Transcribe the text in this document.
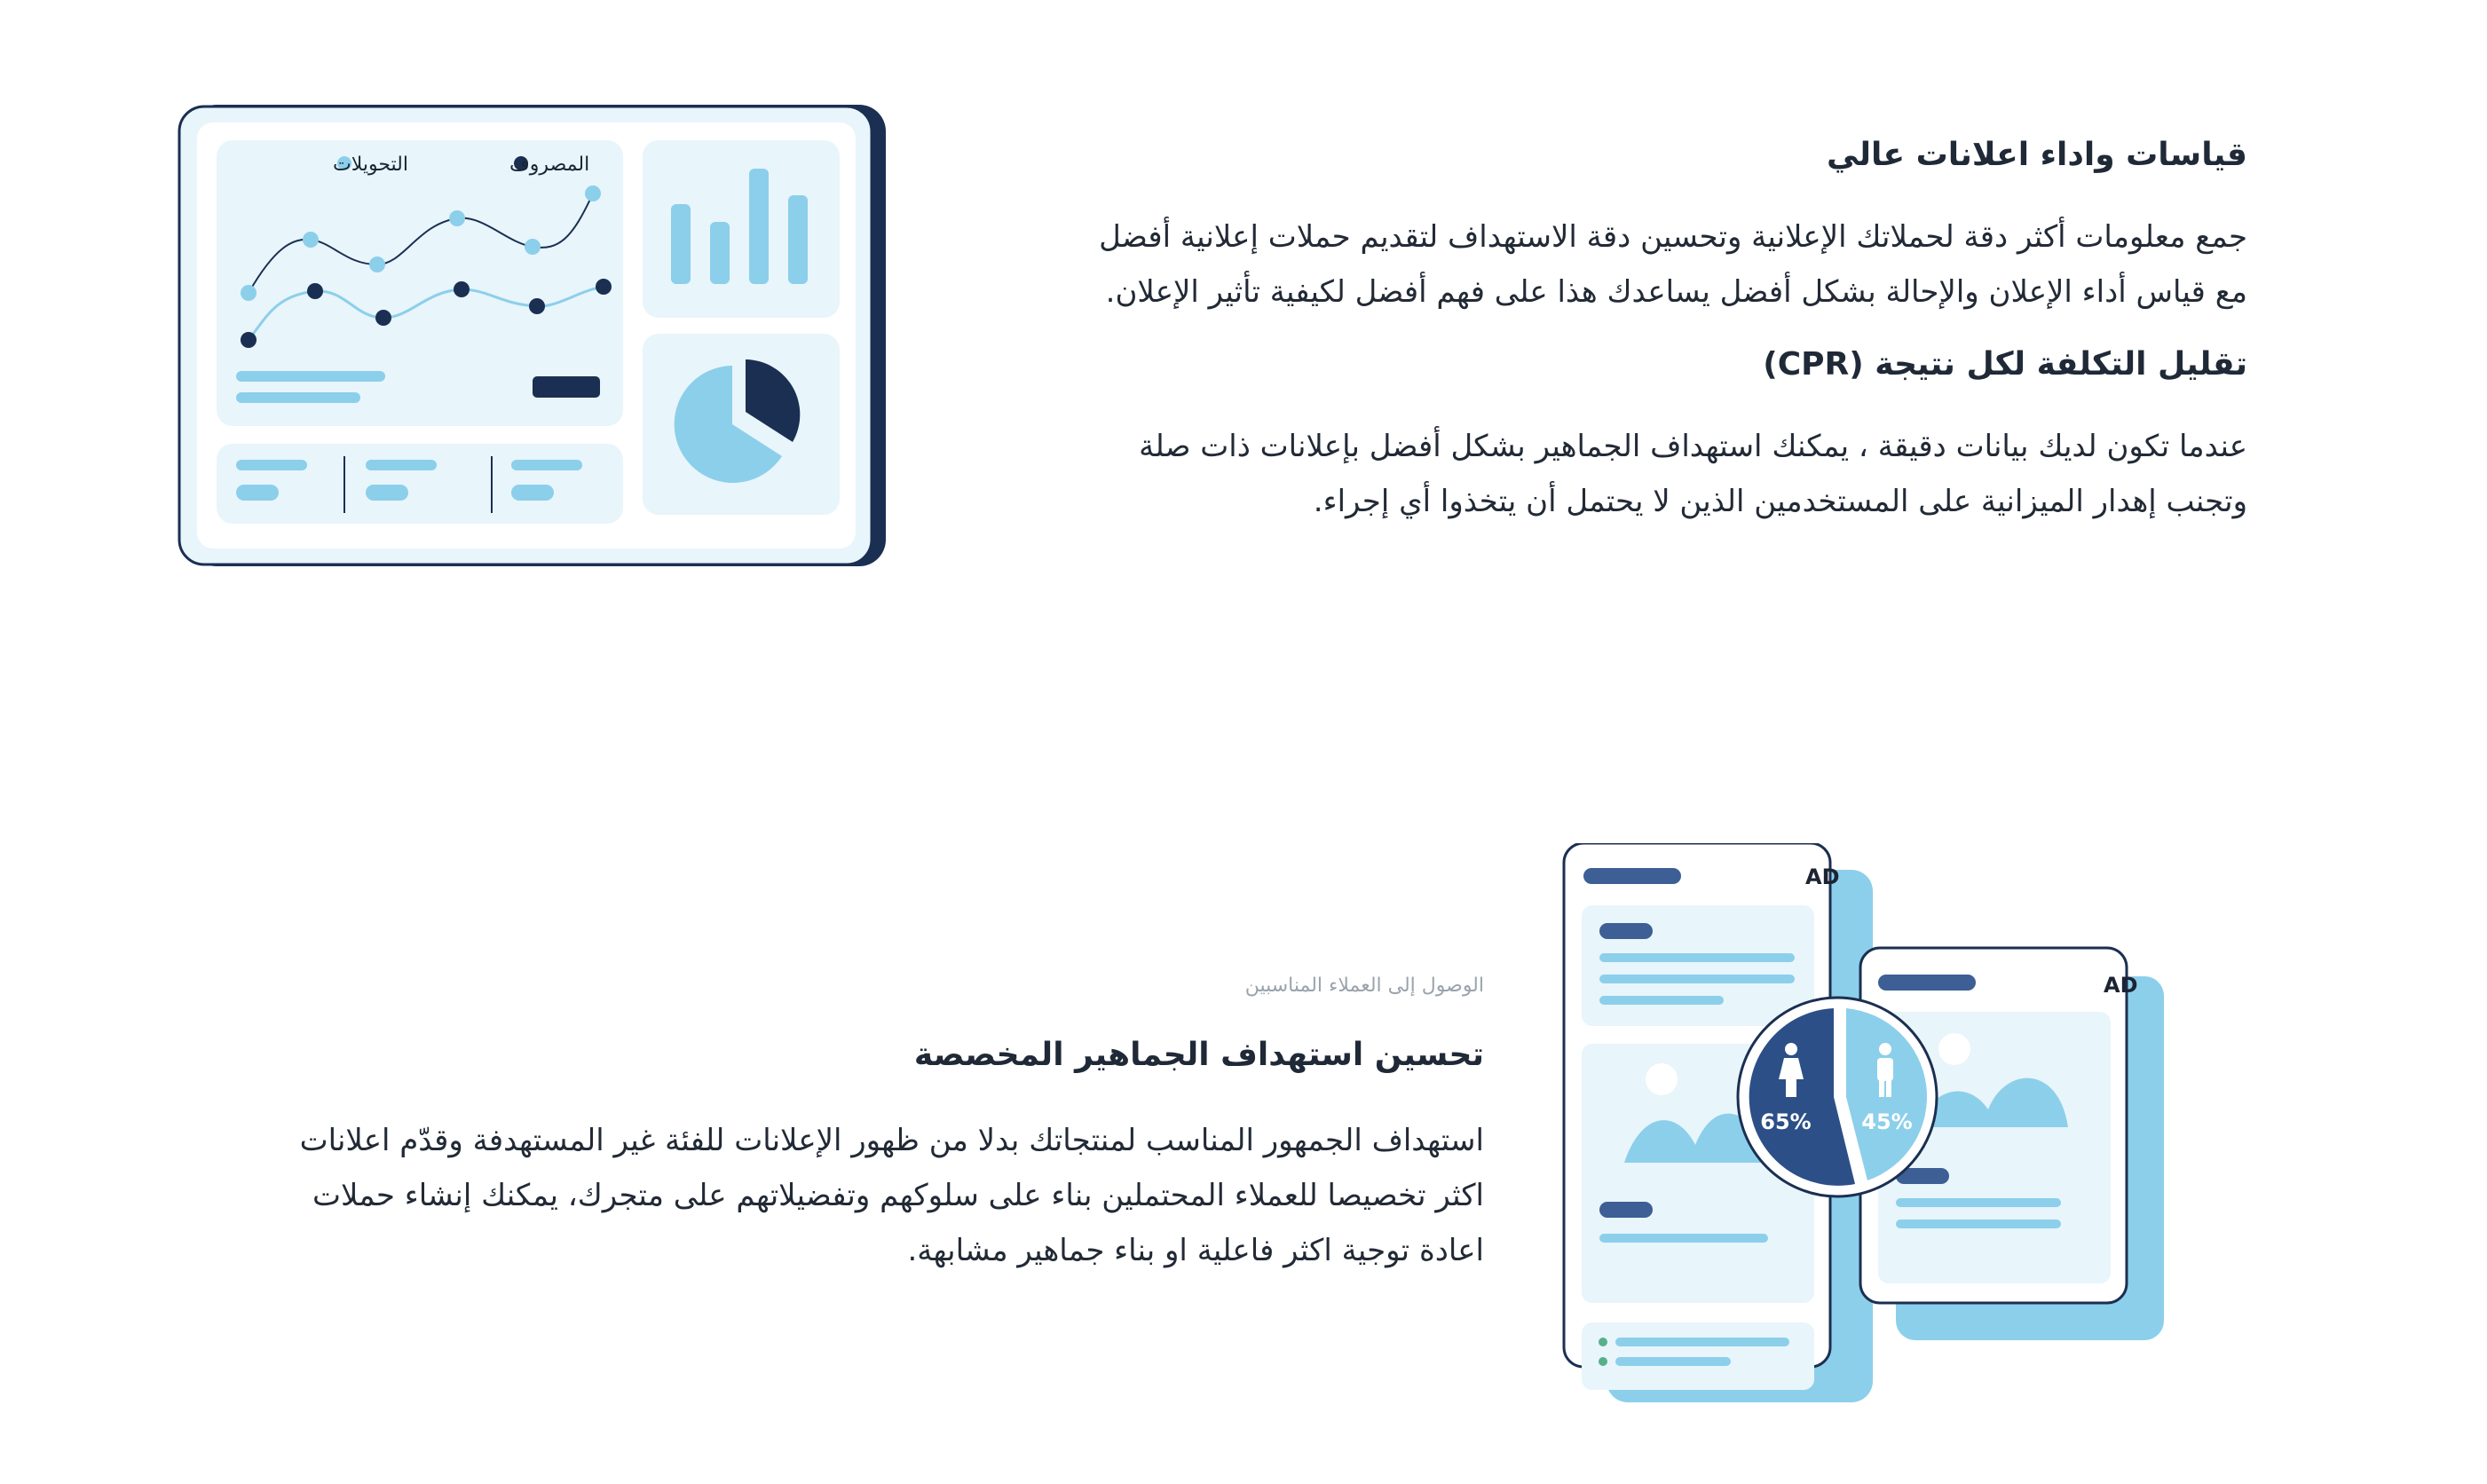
قياسات واداء اعلانات عالي

جمع معلومات أكثر دقة لحملاتك الإعلانية وتحسين دقة الاستهداف لتقديم حملات إعلانية أفضل
مع قياس أداء الإعلان والإحالة بشكل أفضل يساعدك هذا على فهم أفضل لكيفية تأثير الإعلان.

تقليل التكلفة لكل نتيجة (CPR)

عندما تكون لديك بيانات دقيقة ، يمكنك استهداف الجماهير بشكل أفضل بإعلانات ذات صلة
وتجنب إهدار الميزانية على المستخدمين الذين لا يحتمل أن يتخذوا أي إجراء.

المصروف
التحويلات
الوصول إلى العملاء المناسبين
تحسين استهداف الجماهير المخصصة

استهداف الجمهور المناسب لمنتجاتك بدلا من ظهور الإعلانات للفئة غير المستهدفة وقدّم اعلانات
اكثر تخصيصا للعملاء المحتملين بناء على سلوكهم وتفضيلاتهم على متجرك، يمكنك إنشاء حملات
اعادة توجية اكثر فاعلية او بناء جماهير مشابهة.

AD
AD
65% 45%
